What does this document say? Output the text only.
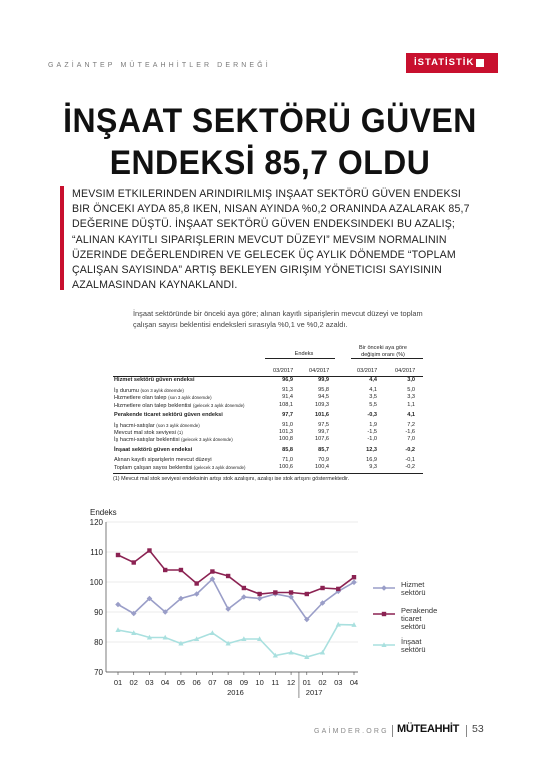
GAZİANTEP MÜTEAHHİTLER DERNEĞİ	İSTATİSTİK
İNŞAAT SEKTÖRÜ GÜVEN
ENDEKSİ 85,7 OLDU
MEVSIM ETKILERINDEN ARINDIRILMIŞ INŞAAT SEKTÖRÜ GÜVEN ENDEKSI BIR ÖNCEKI AYDA 85,8 IKEN, NISAN AYINDA %0,2 ORANINDA AZALARAK 85,7 DEĞERINE DÜŞTÜ. İNŞAAT SEKTÖRÜ GÜVEN ENDEKSINDEKI BU AZALIŞ; “ALINAN KAYITLI SIPARIŞLERIN MEVCUT DÜZEYI” MEVSIM NORMALININ ÜZERINDE DEĞERLENDIREN VE GELECEK ÜÇ AYLIK DÖNEMDE “TOPLAM ÇALIŞAN SAYISINDA” ARTIŞ BEKLEYEN GIRIŞIM YÖNETICISI SAYISININ AZALMASINDAN KAYNAKLANDI.
İnşaat sektöründe bir önceki aya göre; alınan kayıtlı siparişlerin mevcut düzeyi ve toplam çalışan sayısı beklentisi endeksleri sırasıyla %0,1 ve %0,2 azaldı.
Endeks
Bir önceki aya göre
değişim oranı (%)
03/2017	04/2017	03/2017	04/2017
Hizmet sektörü güven endeksi	96,9	99,9	4,4	3,0
İş durumu (son 3 aylık dönemde)	91,3	95,8	4,1	5,0
Hizmetlere olan talep (son 3 aylık dönemde)	91,4	94,5	3,5	3,3
Hizmetlere olan talep beklentisi (gelecek 3 aylık dönemde)	108,1	109,3	5,5	1,1
Perakende ticaret sektörü güven endeksi	97,7	101,6	-0,3	4,1
İş hacmi-satışlar (son 3 aylık dönemde)	91,0	97,5	1,9	7,2
Mevcut mal stok seviyesi (1)	101,3	99,7	-1,5	-1,6
İş hacmi-satışlar beklentisi (gelecek 3 aylık dönemde)	100,8	107,6	-1,0	7,0
İnşaat sektörü güven endeksi	85,8	85,7	12,3	-0,2
Alınan kayıtlı siparişlerin mevcut düzeyi	71,0	70,9	16,9	-0,1
Toplam çalışan sayısı beklentisi (gelecek 3 aylık dönemde)	100,6	100,4	9,3	-0,2
(1) Mevcut mal stok seviyesi endeksinin artışı stok azalışını, azalışı ise stok artışını göstermektedir.
Endeks
70
80
90
100
110
120
01 02 03 04 05 06 07 08 09 10 11 12 01 02 03 04
2016	2017
Hizmet sektörü
Perakende ticaret sektörü
İnşaat sektörü
GAİMDER.ORG MÜTEAHHİT 53
